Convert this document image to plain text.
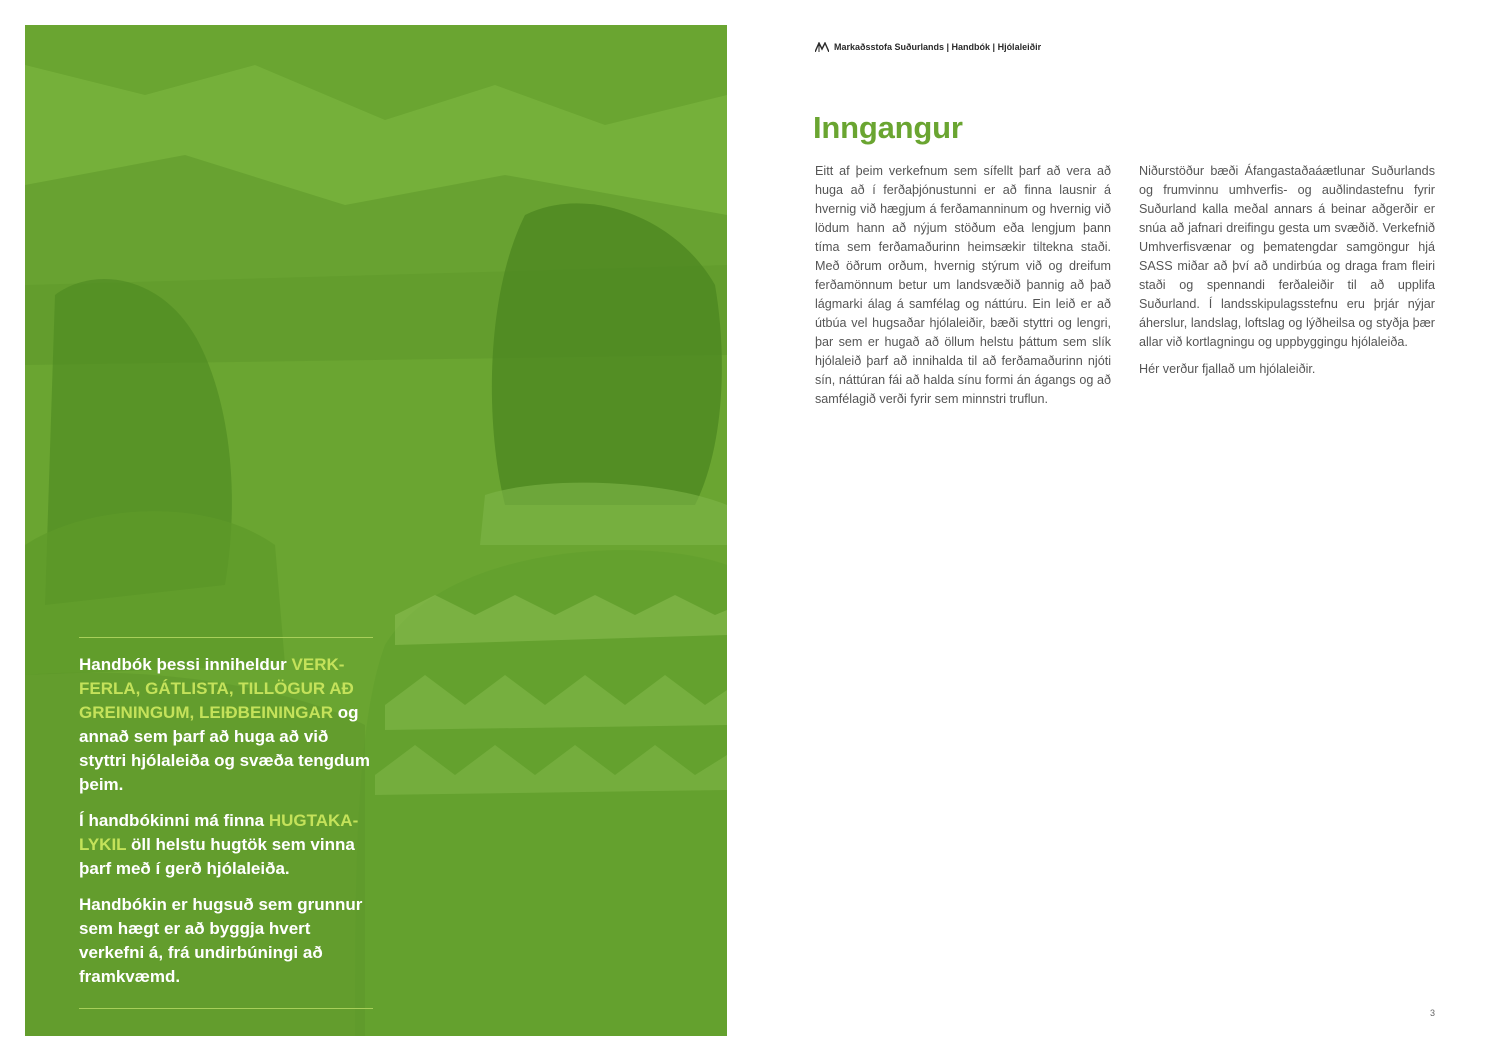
Handbók þessi inniheldur VERK-FERLA, GÁTLISTA, TILLÖGUR AÐ GREININGUM, LEIÐBEININGAR og annað sem þarf að huga að við styttri hjólaleiða og svæða tengdum þeim.

Í handbókinni má finna HUGTAKA-LYKIL öll helstu hugtök sem vinna þarf með í gerð hjólaleiða.

Handbókin er hugsuð sem grunnur sem hægt er að byggja hvert verkefni á, frá undirbúningi að framkvæmd.

Markaðsstofa Suðurlands | Handbók | Hjólaleiðir
Inngangur

Eitt af þeim verkefnum sem sífellt þarf að vera að huga að í ferðaþjónustunni er að finna lausnir á hvernig við hægjum á ferðamanninum og hvernig við lödum hann að nýjum stöðum eða lengjum þann tíma sem ferðamaðurinn heimsækir tiltekna staði. Með öðrum orðum, hvernig stýrum við og dreifum ferðamönnum betur um landsvæðið þannig að það lágmarki álag á samfélag og náttúru. Ein leið er að útbúa vel hugsaðar hjólaleiðir, bæði styttri og lengri, þar sem er hugað að öllum helstu þáttum sem slík hjólaleið þarf að innihalda til að ferðamaðurinn njóti sín, náttúran fái að halda sínu formi án ágangs og að samfélagið verði fyrir sem minnstri truflun.

Niðurstöður bæði Áfangastaðaáætlunar Suðurlands og frumvinnu umhverfis- og auðlindastefnu fyrir Suðurland kalla meðal annars á beinar aðgerðir er snúa að jafnari dreifingu gesta um svæðið. Verkefnið Umhverfisvænar og þematengdar samgöngur hjá SASS miðar að því að undirbúa og draga fram fleiri staði og spennandi ferðaleiðir til að upplifa Suðurland. Í landsskipulagsstefnu eru þrjár nýjar áherslur, landslag, loftslag og lýðheilsa og styðja þær allar við kortlagningu og uppbyggingu hjólaleiða.

Hér verður fjallað um hjólaleiðir.

3
